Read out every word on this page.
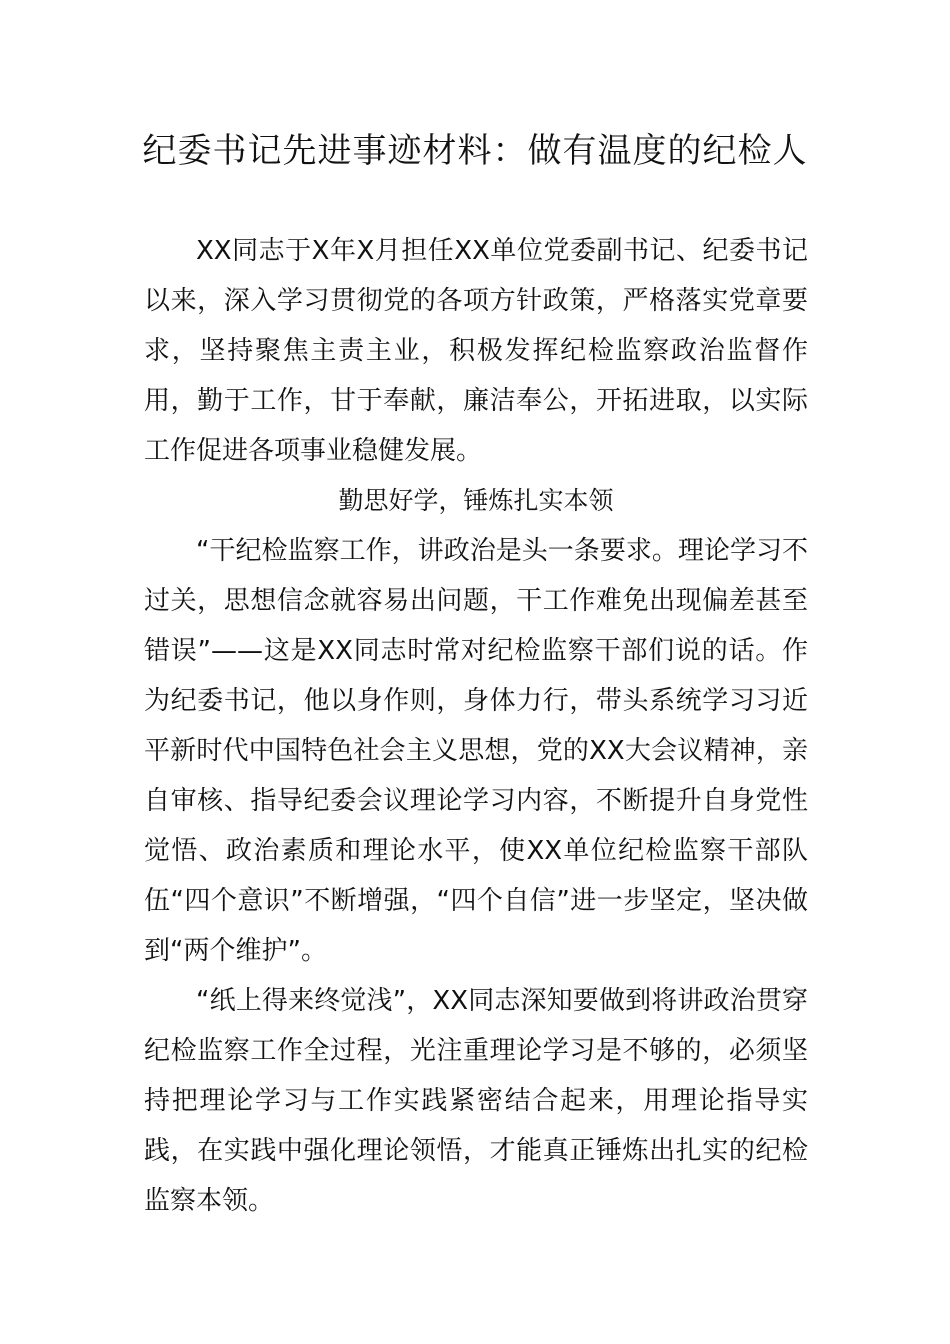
纪委书记先进事迹材料：做有温度的纪检人

XX同志于X年X月担任XX单位党委副书记、纪委书记以来，深入学习贯彻党的各项方针政策，严格落实党章要求，坚持聚焦主责主业，积极发挥纪检监察政治监督作用，勤于工作，甘于奉献，廉洁奉公，开拓进取，以实际工作促进各项事业稳健发展。

勤思好学，锤炼扎实本领

“干纪检监察工作，讲政治是头一条要求。理论学习不过关，思想信念就容易出问题，干工作难免出现偏差甚至错误”——这是XX同志时常对纪检监察干部们说的话。作为纪委书记，他以身作则，身体力行，带头系统学习习近平新时代中国特色社会主义思想，党的XX大会议精神，亲自审核、指导纪委会议理论学习内容，不断提升自身党性觉悟、政治素质和理论水平，使XX单位纪检监察干部队伍“四个意识”不断增强，“四个自信”进一步坚定，坚决做到“两个维护”。

“纸上得来终觉浅”，XX同志深知要做到将讲政治贯穿纪检监察工作全过程，光注重理论学习是不够的，必须坚持把理论学习与工作实践紧密结合起来，用理论指导实践，在实践中强化理论领悟，才能真正锤炼出扎实的纪检监察本领。
